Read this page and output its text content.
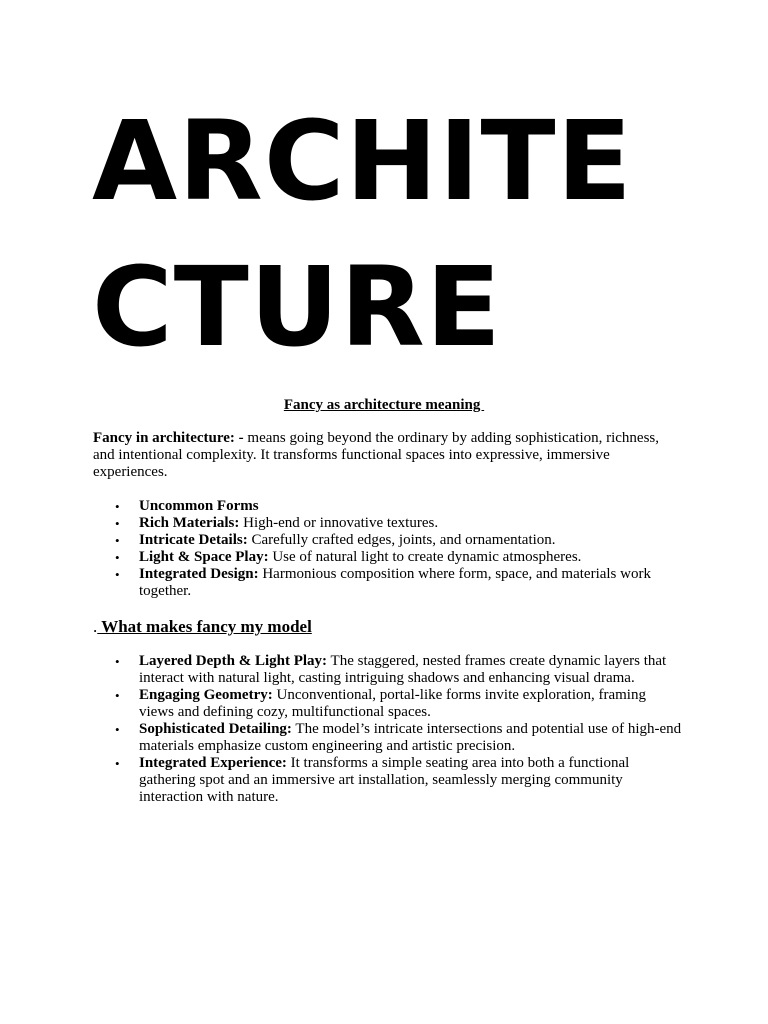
ARCHITE
CTURE
Fancy as architecture meaning

Fancy in architecture: - means going beyond the ordinary by adding sophistication, richness, and intentional complexity. It transforms functional spaces into expressive, immersive experiences.

• Uncommon Forms
• Rich Materials: High-end or innovative textures.
• Intricate Details: Carefully crafted edges, joints, and ornamentation.
• Light & Space Play: Use of natural light to create dynamic atmospheres.
• Integrated Design: Harmonious composition where form, space, and materials work together.
. What makes fancy my model
• Layered Depth & Light Play: The staggered, nested frames create dynamic layers that interact with natural light, casting intriguing shadows and enhancing visual drama.
• Engaging Geometry: Unconventional, portal-like forms invite exploration, framing views and defining cozy, multifunctional spaces.
• Sophisticated Detailing: The model’s intricate intersections and potential use of high-end materials emphasize custom engineering and artistic precision.
• Integrated Experience: It transforms a simple seating area into both a functional gathering spot and an immersive art installation, seamlessly merging community interaction with nature.
